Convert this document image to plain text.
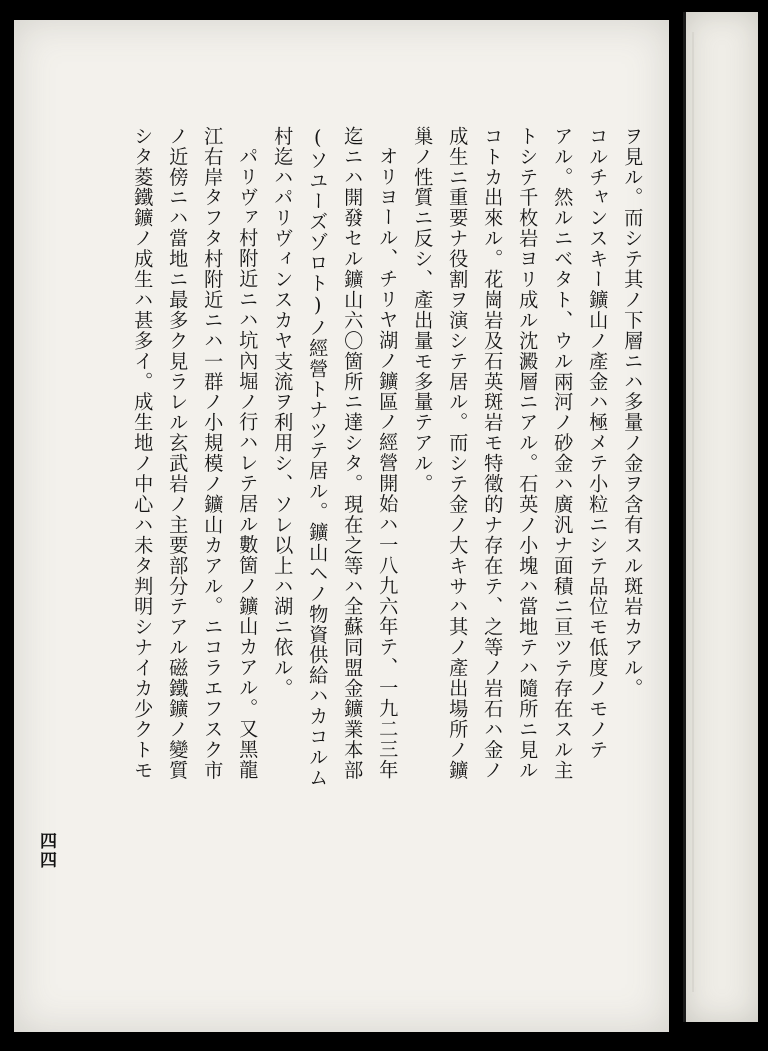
ヲ見ル。而シテ其ノ下層ニハ多量ノ金ヲ含有スル斑岩カアル。
コルチャンスキー鑛山ノ產金ハ極メテ小粒ニシテ品位モ低度ノモノテ
アル。然ルニベタト、ウル兩河ノ砂金ハ廣汎ナ面積ニ亘ツテ存在スル主
トシテ千枚岩ヨリ成ル沈澱層ニアル。石英ノ小塊ハ當地テハ隨所ニ見ル
コトカ出來ル。花崗岩及石英斑岩モ特徵的ナ存在テ、之等ノ岩石ハ金ノ
成生ニ重要ナ役割ヲ演シテ居ル。而シテ金ノ大キサハ其ノ產出場所ノ鑛
巢ノ性質ニ反シ、產出量モ多量テアル。
オリヨール、チリヤ湖ノ鑛區ノ經營開始ハ一八九六年テ、一九二三年
迄ニハ開發セル鑛山六〇箇所ニ達シタ。現在之等ハ全蘇同盟金鑛業本部
(ソユーズゾロト)ノ經營トナツテ居ル。鑛山ヘノ物資供給ハカコルム
村迄ハパリヴィンスカヤ支流ヲ利用シ、ソレ以上ハ湖ニ依ル。
パリヴァ村附近ニハ坑內堀ノ行ハレテ居ル數箇ノ鑛山カアル。又黑龍
江右岸タフタ村附近ニハ一群ノ小規模ノ鑛山カアル。ニコラエフスク市
ノ近傍ニハ當地ニ最多ク見ラレル玄武岩ノ主要部分テアル磁鐵鑛ノ變質
シタ菱鐵鑛ノ成生ハ甚多イ。成生地ノ中心ハ未タ判明シナイカ少クトモ
四四
